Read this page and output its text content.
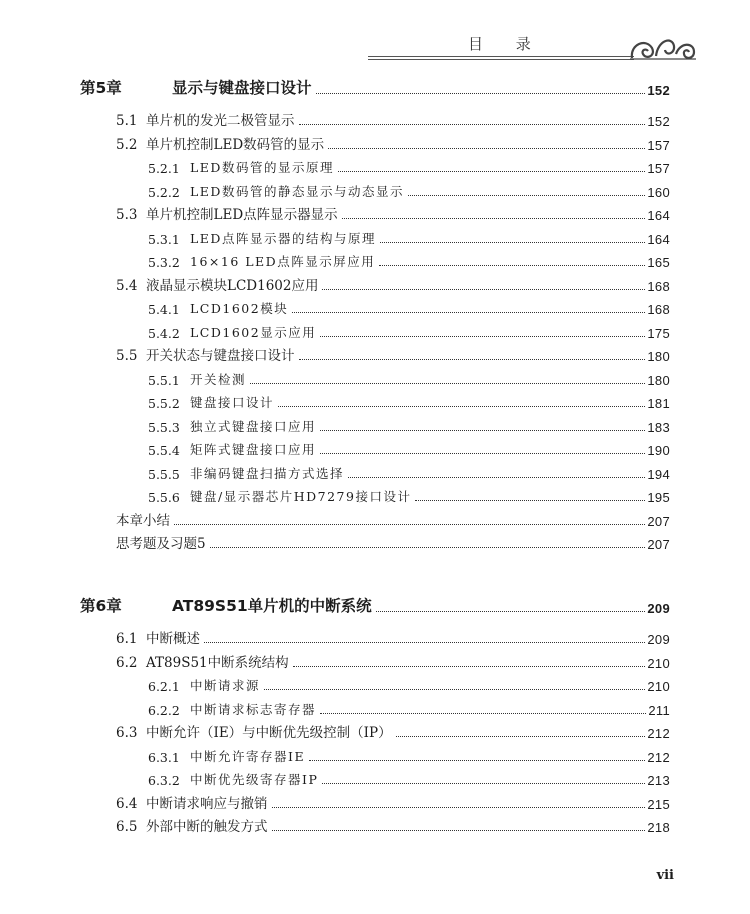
目 录
第5章	显示与键盘接口设计	152
5.1 单片机的发光二极管显示	152
5.2 单片机控制LED数码管的显示	157
5.2.1 LED数码管的显示原理	157
5.2.2 LED数码管的静态显示与动态显示	160
5.3 单片机控制LED点阵显示器显示	164
5.3.1 LED点阵显示器的结构与原理	164
5.3.2 16×16 LED点阵显示屏应用	165
5.4 液晶显示模块LCD1602应用	168
5.4.1 LCD1602模块	168
5.4.2 LCD1602显示应用	175
5.5 开关状态与键盘接口设计	180
5.5.1 开关检测	180
5.5.2 键盘接口设计	181
5.5.3 独立式键盘接口应用	183
5.5.4 矩阵式键盘接口应用	190
5.5.5 非编码键盘扫描方式选择	194
5.5.6 键盘/显示器芯片HD7279接口设计	195
本章小结	207
思考题及习题5	207
第6章	AT89S51单片机的中断系统	209
6.1 中断概述	209
6.2 AT89S51中断系统结构	210
6.2.1 中断请求源	210
6.2.2 中断请求标志寄存器	211
6.3 中断允许（IE）与中断优先级控制（IP）	212
6.3.1 中断允许寄存器IE	212
6.3.2 中断优先级寄存器IP	213
6.4 中断请求响应与撤销	215
6.5 外部中断的触发方式	218
vii
